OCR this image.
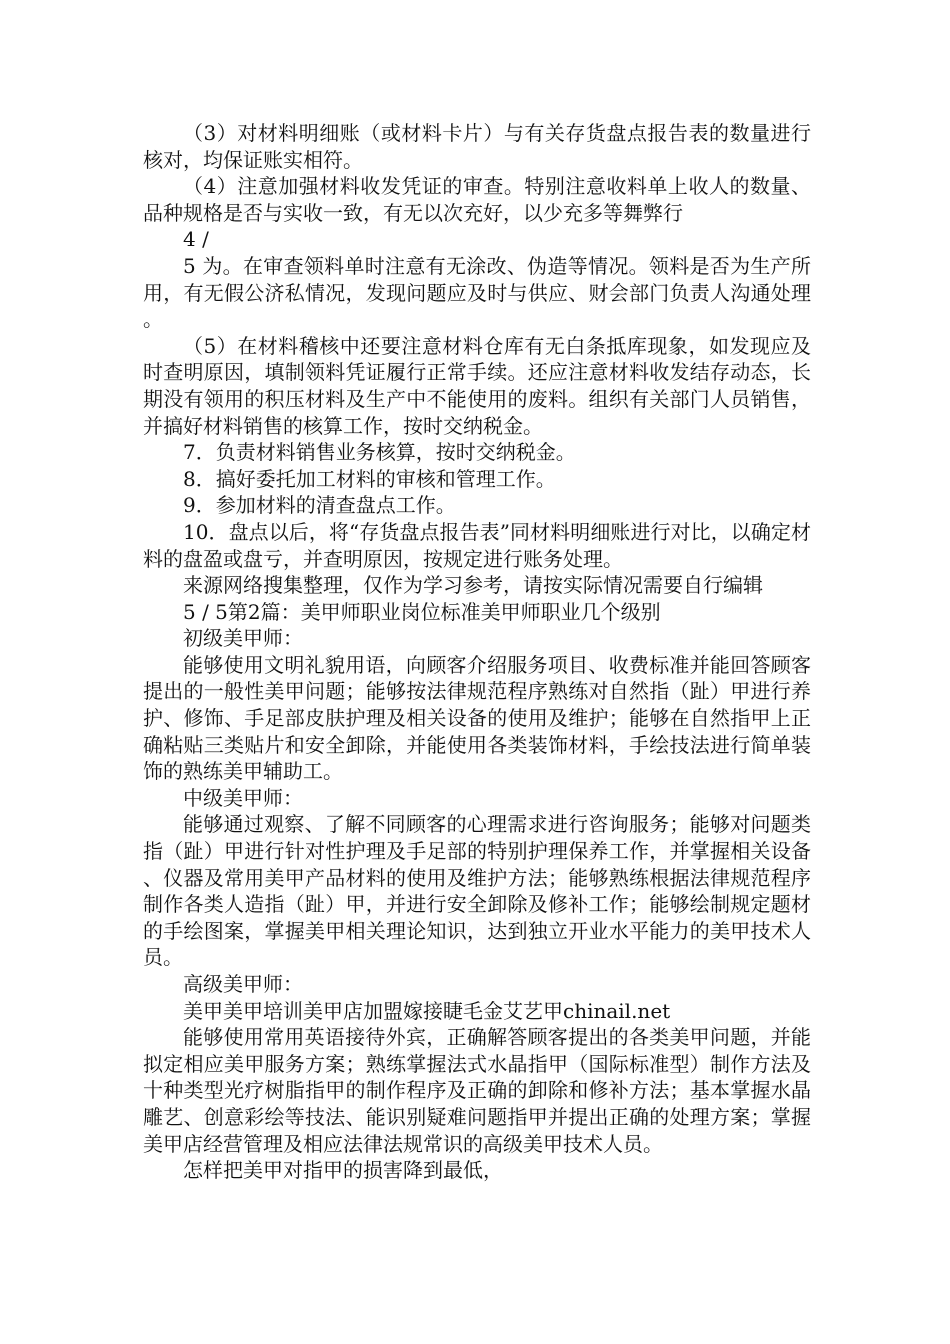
（3）对材料明细账（或材料卡片）与有关存货盘点报告表的数量进行核对，均保证账实相符。

（4）注意加强材料收发凭证的审查。特别注意收料单上收人的数量、品种规格是否与实收一致，有无以次充好，以少充多等舞弊行

4 /

5 为。在审查领料单时注意有无涂改、伪造等情况。领料是否为生产所用，有无假公济私情况，发现问题应及时与供应、财会部门负责人沟通处理。

（5）在材料稽核中还要注意材料仓库有无白条抵库现象，如发现应及时查明原因，填制领料凭证履行正常手续。还应注意材料收发结存动态，长期没有领用的积压材料及生产中不能使用的废料。组织有关部门人员销售，并搞好材料销售的核算工作，按时交纳税金。

7．负责材料销售业务核算，按时交纳税金。

8．搞好委托加工材料的审核和管理工作。

9．参加材料的清查盘点工作。

10．盘点以后，将“存货盘点报告表”同材料明细账进行对比，以确定材料的盘盈或盘亏，并查明原因，按规定进行账务处理。

来源网络搜集整理，仅作为学习参考，请按实际情况需要自行编辑

5 / 5第2篇：美甲师职业岗位标准美甲师职业几个级别

初级美甲师：

能够使用文明礼貌用语，向顾客介绍服务项目、收费标准并能回答顾客提出的一般性美甲问题；能够按法律规范程序熟练对自然指（趾）甲进行养护、修饰、手足部皮肤护理及相关设备的使用及维护；能够在自然指甲上正确粘贴三类贴片和安全卸除，并能使用各类装饰材料，手绘技法进行简单装饰的熟练美甲辅助工。

中级美甲师：

能够通过观察、了解不同顾客的心理需求进行咨询服务；能够对问题类指（趾）甲进行针对性护理及手足部的特别护理保养工作，并掌握相关设备、仪器及常用美甲产品材料的使用及维护方法；能够熟练根据法律规范程序制作各类人造指（趾）甲，并进行安全卸除及修补工作；能够绘制规定题材的手绘图案，掌握美甲相关理论知识，达到独立开业水平能力的美甲技术人员。

高级美甲师：

美甲美甲培训美甲店加盟嫁接睫毛金艾艺甲chinail.net

能够使用常用英语接待外宾，正确解答顾客提出的各类美甲问题，并能拟定相应美甲服务方案；熟练掌握法式水晶指甲（国际标准型）制作方法及十种类型光疗树脂指甲的制作程序及正确的卸除和修补方法；基本掌握水晶雕艺、创意彩绘等技法、能识别疑难问题指甲并提出正确的处理方案；掌握美甲店经营管理及相应法律法规常识的高级美甲技术人员。

怎样把美甲对指甲的损害降到最低，
